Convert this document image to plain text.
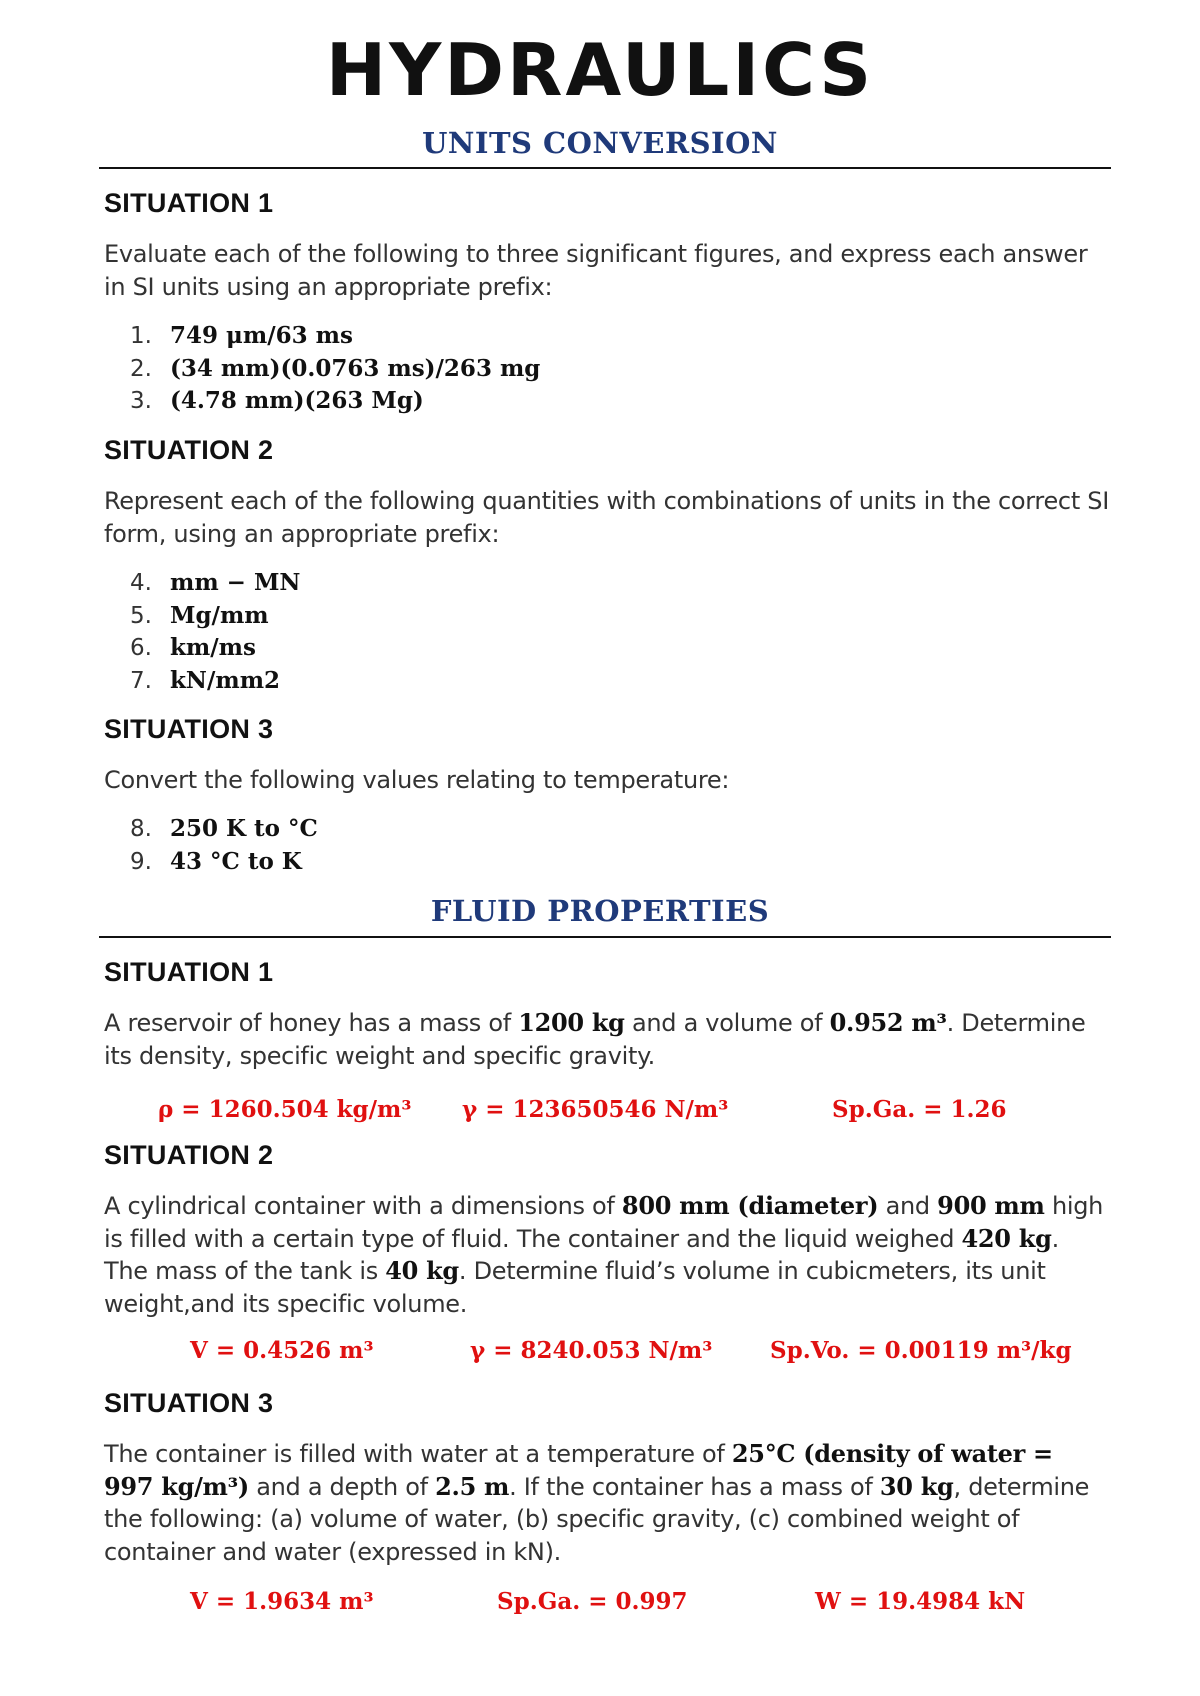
HYDRAULICS
UNITS CONVERSION
SITUATION 1
Evaluate each of the following to three significant figures, and express each answer in SI units using an appropriate prefix:
1. 749 μm/63 ms
2. (34 mm)(0.0763 ms)/263 mg
3. (4.78 mm)(263 Mg)
SITUATION 2
Represent each of the following quantities with combinations of units in the correct SI form, using an appropriate prefix:
4. mm − MN
5. Mg/mm
6. km/ms
7. kN/mm2
SITUATION 3
Convert the following values relating to temperature:
8. 250 K to °C
9. 43 °C to K
FLUID PROPERTIES
SITUATION 1
A reservoir of honey has a mass of 1200 kg and a volume of 0.952 m³. Determine its density, specific weight and specific gravity.
ρ = 1260.504 kg/m³ γ = 123650546 N/m³	Sp.Ga. = 1.26
SITUATION 2
A cylindrical container with a dimensions of 800 mm (diameter) and 900 mm high is filled with a certain type of fluid. The container and the liquid weighed 420 kg. The mass of the tank is 40 kg. Determine fluid’s volume in cubicmeters, its unit weight,and its specific volume.
V = 0.4526 m³	γ = 8240.053 N/m³	Sp.Vo. = 0.00119 m³/kg
SITUATION 3
The container is filled with water at a temperature of 25°C (density of water = 997 kg/m³) and a depth of 2.5 m. If the container has a mass of 30 kg, determine the following: (a) volume of water, (b) specific gravity, (c) combined weight of container and water (expressed in kN).
V = 1.9634 m³	Sp.Ga. = 0.997	W = 19.4984 kN
